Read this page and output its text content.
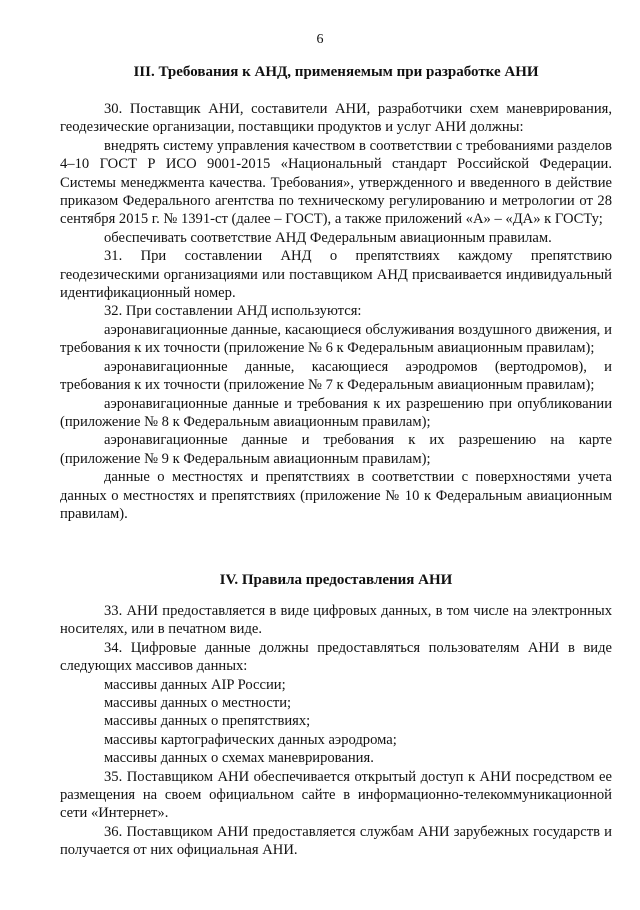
6
III. Требования к АНД, применяемым при разработке АНИ

30. Поставщик АНИ, составители АНИ, разработчики схем маневрирования, геодезические организации, поставщики продуктов и услуг АНИ должны:

внедрять систему управления качеством в соответствии с требованиями разделов 4–10 ГОСТ Р ИСО 9001-2015 «Национальный стандарт Российской Федерации. Системы менеджмента качества. Требования», утвержденного и введенного в действие приказом Федерального агентства по техническому регулированию и метрологии от 28 сентября 2015 г. № 1391-ст (далее – ГОСТ), а также приложений «А» – «ДА» к ГОСТу;

обеспечивать соответствие АНД Федеральным авиационным правилам.

31. При составлении АНД о препятствиях каждому препятствию геодезическими организациями или поставщиком АНД присваивается индивидуальный идентификационный номер.

32. При составлении АНД используются:

аэронавигационные данные, касающиеся обслуживания воздушного движения, и требования к их точности (приложение № 6 к Федеральным авиационным правилам);

аэронавигационные данные, касающиеся аэродромов (вертодромов), и требования к их точности (приложение № 7 к Федеральным авиационным правилам);

аэронавигационные данные и требования к их разрешению при опубликовании (приложение № 8 к Федеральным авиационным правилам);

аэронавигационные данные и требования к их разрешению на карте (приложение № 9 к Федеральным авиационным правилам);

данные о местностях и препятствиях в соответствии с поверхностями учета данных о местностях и препятствиях (приложение № 10 к Федеральным авиационным правилам).

IV. Правила предоставления АНИ

33. АНИ предоставляется в виде цифровых данных, в том числе на электронных носителях, или в печатном виде.

34. Цифровые данные должны предоставляться пользователям АНИ в виде следующих массивов данных:

массивы данных AIP России;

массивы данных о местности;

массивы данных о препятствиях;

массивы картографических данных аэродрома;

массивы данных о схемах маневрирования.

35. Поставщиком АНИ обеспечивается открытый доступ к АНИ посредством ее размещения на своем официальном сайте в информационно-телекоммуникационной сети «Интернет».

36. Поставщиком АНИ предоставляется службам АНИ зарубежных государств и получается от них официальная АНИ.
